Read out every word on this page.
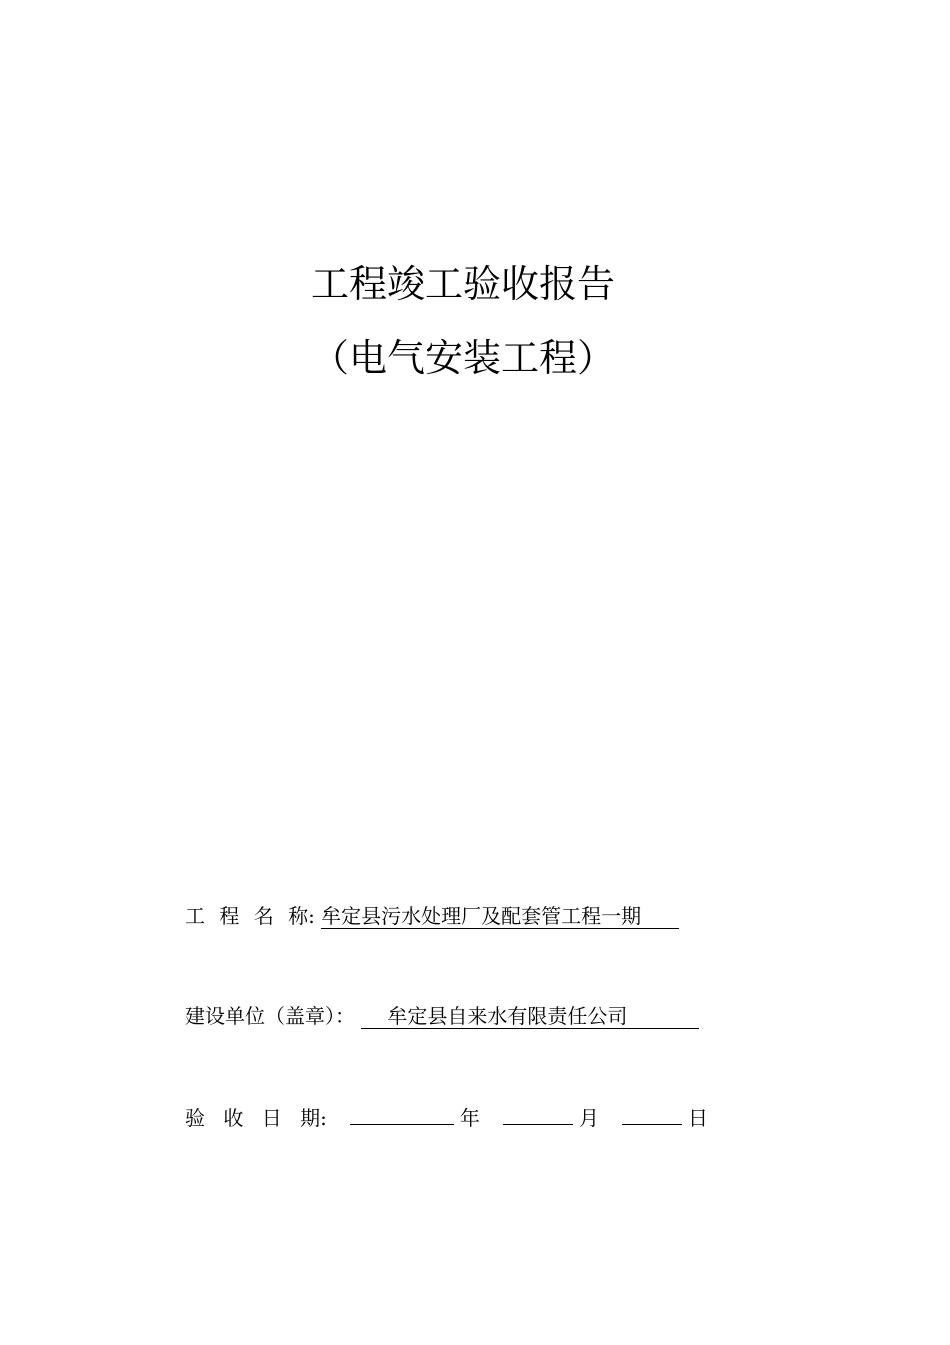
工程竣工验收报告
（电气安装工程）
工 程 名 称: 牟定县污水处理厂及配套管工程一期
建设单位（盖章）： 牟定县自来水有限责任公司
验 收 日 期:	年	月	日
